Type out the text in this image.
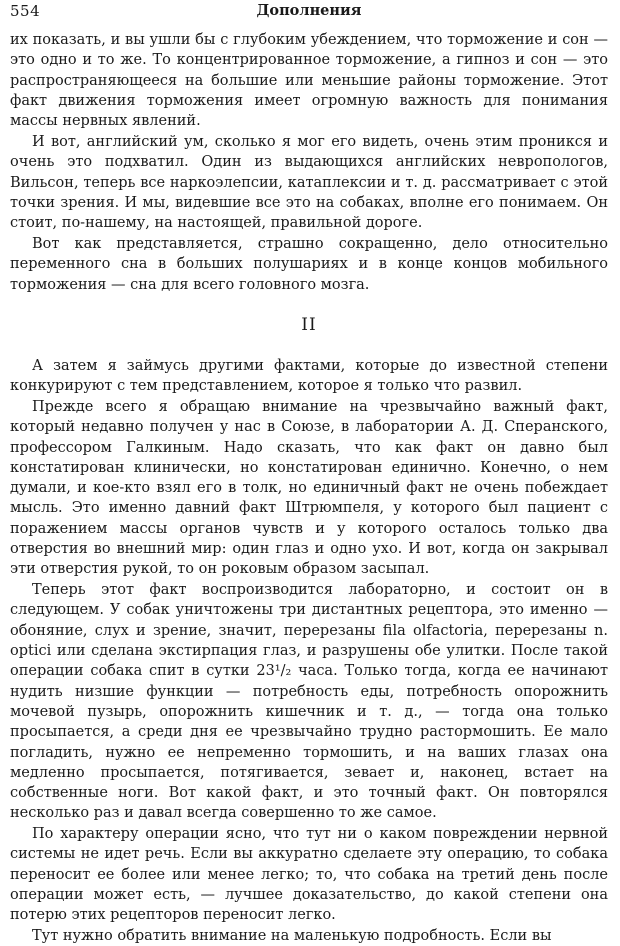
554	Дополнения

их показать, и вы ушли бы с глубоким убеждением, что торможение и сон — это одно и то же. То концентрированное торможение, а гипноз и сон — это распространяющееся на большие или меньшие районы торможение. Этот факт движения торможения имеет огромную важность для понимания массы нервных явлений.

И вот, английский ум, сколько я мог его видеть, очень этим проникся и очень это подхватил. Один из выдающихся английских невропологов, Вильсон, теперь все наркоэлепсии, катаплексии и т. д. рассматривает с этой точки зрения. И мы, видевшие все это на собаках, вполне его понимаем. Он стоит, по-нашему, на настоящей, правильной дороге.

Вот как представляется, страшно сокращенно, дело относительно переменного сна в больших полушариях и в конце концов мобильного торможения — сна для всего головного мозга.

II

А затем я займусь другими фактами, которые до известной степени конкурируют с тем представлением, которое я только что развил.

Прежде всего я обращаю внимание на чрезвычайно важный факт, который недавно получен у нас в Союзе, в лаборатории А. Д. Сперанского, профессором Галкиным. Надо сказать, что как факт он давно был констатирован клинически, но констатирован единично. Конечно, о нем думали, и кое-кто взял его в толк, но единичный факт не очень побеждает мысль. Это именно давний факт Штрюмпеля, у которого был пациент с поражением массы органов чувств и у которого осталось только два отверстия во внешний мир: один глаз и одно ухо. И вот, когда он закрывал эти отверстия рукой, то он роковым образом засыпал.

Теперь этот факт воспроизводится лабораторно, и состоит он в следующем. У собак уничтожены три дистантных рецептора, это именно — обоняние, слух и зрение, значит, перерезаны fila olfactoria, перерезаны n. optici или сделана экстирпация глаз, и разрушены обе улитки. После такой операции собака спит в сутки 23¹/₂ часа. Только тогда, когда ее начинают нудить низшие функции — потребность еды, потребность опорожнить мочевой пузырь, опорожнить кишечник и т. д., — тогда она только просыпается, а среди дня ее чрезвычайно трудно растормошить. Ее мало погладить, нужно ее непременно тормошить, и на ваших глазах она медленно просыпается, потягивается, зевает и, наконец, встает на собственные ноги. Вот какой факт, и это точный факт. Он повторялся несколько раз и давал всегда совершенно то же самое.

По характеру операции ясно, что тут ни о каком повреждении нервной системы не идет речь. Если вы аккуратно сделаете эту операцию, то собака переносит ее более или менее легко; то, что собака на третий день после операции может есть, — лучшее доказательство, до какой степени она потерю этих рецепторов переносит легко.

Тут нужно обратить внимание на маленькую подробность. Если вы
